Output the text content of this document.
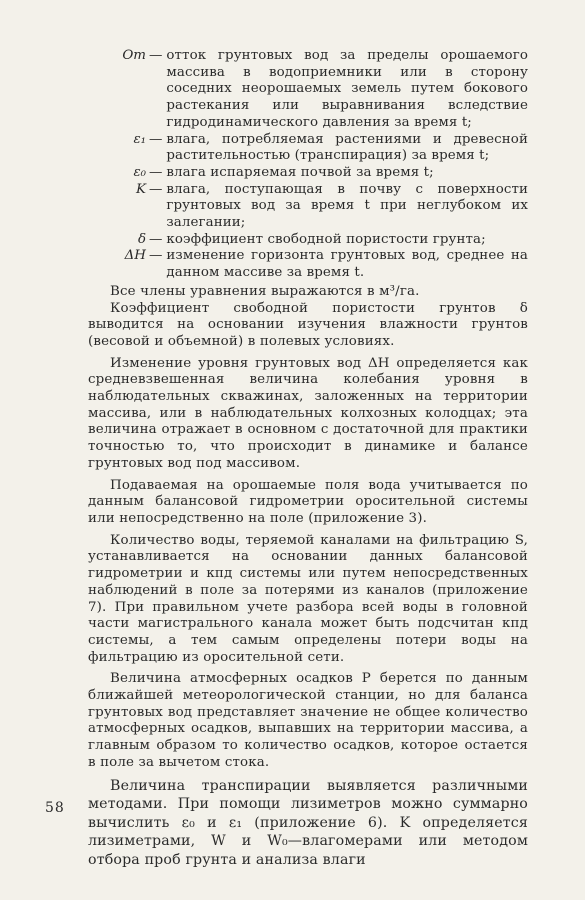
От — отток грунтовых вод за пределы орошаемого массива в водоприемники или в сторону соседних неорошаемых земель путем бокового растекания или выравнивания вследствие гидродинамического давления за время t;
ε₁ — влага, потребляемая растениями и древесной растительностью (транспирация) за время t;
ε₀ — влага испаряемая почвой за время t;
K — влага, поступающая в почву с поверхности грунтовых вод за время t при неглубоком их залегании;
δ — коэффициент свободной пористости грунта;
ΔH — изменение горизонта грунтовых вод, среднее на данном массиве за время t.

Все члены уравнения выражаются в м³/га.

Коэффициент свободной пористости грунтов δ выводится на основании изучения влажности грунтов (весовой и объемной) в полевых условиях.

Изменение уровня грунтовых вод ΔH определяется как средневзвешенная величина колебания уровня в наблюдательных скважинах, заложенных на территории массива, или в наблюдательных колхозных колодцах; эта величина отражает в основном с достаточной для практики точностью то, что происходит в динамике и балансе грунтовых вод под массивом.

Подаваемая на орошаемые поля вода учитывается по данным балансовой гидрометрии оросительной системы или непосредственно на поле (приложение 3).

Количество воды, теряемой каналами на фильтрацию S, устанавливается на основании данных балансовой гидрометрии и кпд системы или путем непосредственных наблюдений в поле за потерями из каналов (приложение 7). При правильном учете разбора всей воды в головной части магистрального канала может быть подсчитан кпд системы, а тем самым определены потери воды на фильтрацию из оросительной сети.

Величина атмосферных осадков P берется по данным ближайшей метеорологической станции, но для баланса грунтовых вод представляет значение не общее количество атмосферных осадков, выпавших на территории массива, а главным образом то количество осадков, которое остается в поле за вычетом стока.

Величина транспирации выявляется различными методами. При помощи лизиметров можно суммарно вычислить ε₀ и ε₁ (приложение 6). K определяется лизиметрами, W и W₀—влагомерами или методом отбора проб грунта и анализа влаги

58
